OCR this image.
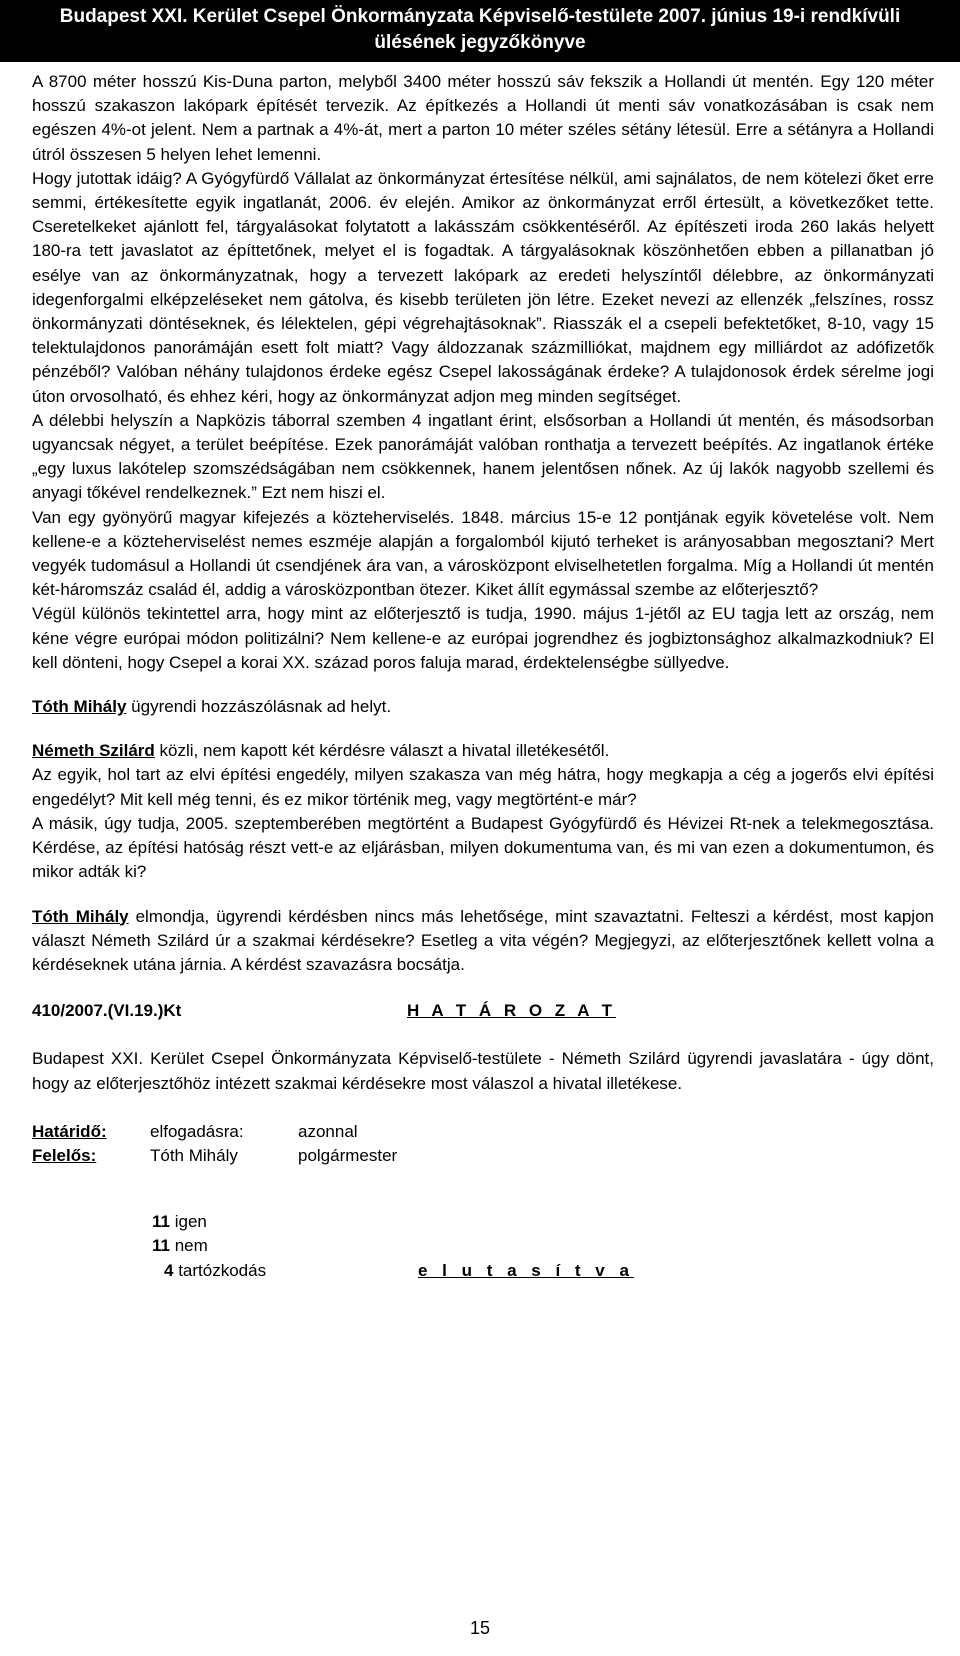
Budapest XXI. Kerület Csepel Önkormányzata Képviselő-testülete 2007. június 19-i rendkívüli
ülésének jegyzőkönyve

A 8700 méter hosszú Kis-Duna parton, melyből 3400 méter hosszú sáv fekszik a Hollandi út mentén. Egy 120 méter hosszú szakaszon lakópark építését tervezik. Az építkezés a Hollandi út menti sáv vonatkozásában is csak nem egészen 4%-ot jelent. Nem a partnak a 4%-át, mert a parton 10 méter széles sétány létesül. Erre a sétányra a Hollandi útról összesen 5 helyen lehet lemenni.

Hogy jutottak idáig? A Gyógyfürdő Vállalat az önkormányzat értesítése nélkül, ami sajnálatos, de nem kötelezi őket erre semmi, értékesítette egyik ingatlanát, 2006. év elején. Amikor az önkormányzat erről értesült, a következőket tette. Cseretelkeket ajánlott fel, tárgyalásokat folytatott a lakásszám csökkentéséről. Az építészeti iroda 260 lakás helyett 180-ra tett javaslatot az építtetőnek, melyet el is fogadtak. A tárgyalásoknak köszönhetően ebben a pillanatban jó esélye van az önkormányzatnak, hogy a tervezett lakópark az eredeti helyszíntől délebbre, az önkormányzati idegenforgalmi elképzeléseket nem gátolva, és kisebb területen jön létre. Ezeket nevezi az ellenzék „felszínes, rossz önkormányzati döntéseknek, és lélektelen, gépi végrehajtásoknak”. Riasszák el a csepeli befektetőket, 8-10, vagy 15 telektulajdonos panorámáján esett folt miatt? Vagy áldozzanak százmilliókat, majdnem egy milliárdot az adófizetők pénzéből? Valóban néhány tulajdonos érdeke egész Csepel lakosságának érdeke? A tulajdonosok érdek sérelme jogi úton orvosolható, és ehhez kéri, hogy az önkormányzat adjon meg minden segítséget.

A délebbi helyszín a Napközis táborral szemben 4 ingatlant érint, elsősorban a Hollandi út mentén, és másodsorban ugyancsak négyet, a terület beépítése. Ezek panorámáját valóban ronthatja a tervezett beépítés. Az ingatlanok értéke „egy luxus lakótelep szomszédságában nem csökkennek, hanem jelentősen nőnek. Az új lakók nagyobb szellemi és anyagi tőkével rendelkeznek.” Ezt nem hiszi el.

Van egy gyönyörű magyar kifejezés a közteherviselés. 1848. március 15-e 12 pontjának egyik követelése volt. Nem kellene-e a közteherviselést nemes eszméje alapján a forgalomból kijutó terheket is arányosabban megosztani? Mert vegyék tudomásul a Hollandi út csendjének ára van, a városközpont elviselhetetlen forgalma. Míg a Hollandi út mentén két-háromszáz család él, addig a városközpontban ötezer. Kiket állít egymással szembe az előterjesztő?

Végül különös tekintettel arra, hogy mint az előterjesztő is tudja, 1990. május 1-jétől az EU tagja lett az ország, nem kéne végre európai módon politizálni? Nem kellene-e az európai jogrendhez és jogbiztonsághoz alkalmazkodniuk? El kell dönteni, hogy Csepel a korai XX. század poros faluja marad, érdektelenségbe süllyedve.

Tóth Mihály ügyrendi hozzászólásnak ad helyt.

Németh Szilárd közli, nem kapott két kérdésre választ a hivatal illetékesétől.

Az egyik, hol tart az elvi építési engedély, milyen szakasza van még hátra, hogy megkapja a cég a jogerős elvi építési engedélyt? Mit kell még tenni, és ez mikor történik meg, vagy megtörtént-e már?

A másik, úgy tudja, 2005. szeptemberében megtörtént a Budapest Gyógyfürdő és Hévizei Rt-nek a telekmegosztása. Kérdése, az építési hatóság részt vett-e az eljárásban, milyen dokumentuma van, és mi van ezen a dokumentumon, és mikor adták ki?

Tóth Mihály elmondja, ügyrendi kérdésben nincs más lehetősége, mint szavaztatni. Felteszi a kérdést, most kapjon választ Németh Szilárd úr a szakmai kérdésekre? Esetleg a vita végén? Megjegyzi, az előterjesztőnek kellett volna a kérdéseknek utána járnia. A kérdést szavazásra bocsátja.

410/2007.(VI.19.)Kt	H A T Á R O Z A T

Budapest XXI. Kerület Csepel Önkormányzata Képviselő-testülete - Németh Szilárd ügyrendi javaslatára - úgy dönt, hogy az előterjesztőhöz intézett szakmai kérdésekre most válaszol a hivatal illetékese.

Határidő:	elfogadásra:	azonnal
Felelős:	Tóth Mihály	polgármester
11 igen
11 nem
4 tartózkodás	e l u t a s í t v a
15
